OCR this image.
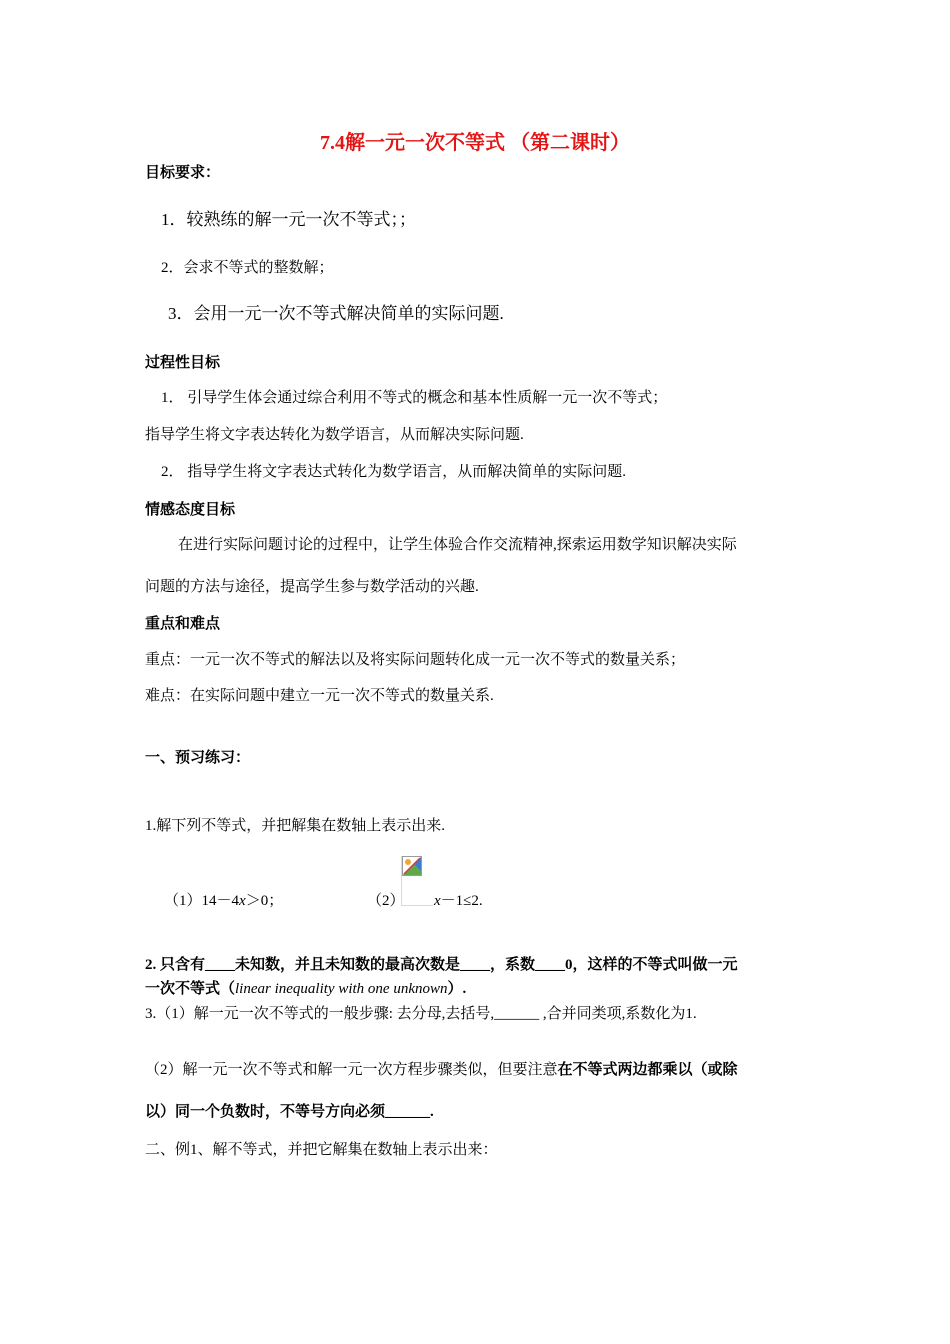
7.4解一元一次不等式 （第二课时）
目标要求：
1．较熟练的解一元一次不等式；；
2．会求不等式的整数解；
3．会用一元一次不等式解决简单的实际问题.
过程性目标
1． 引导学生体会通过综合利用不等式的概念和基本性质解一元一次不等式；
指导学生将文字表达转化为数学语言，从而解决实际问题.
2． 指导学生将文字表达式转化为数学语言，从而解决简单的实际问题.
情感态度目标
在进行实际问题讨论的过程中，让学生体验合作交流精神,探索运用数学知识解决实际
问题的方法与途径，提高学生参与数学活动的兴趣.
重点和难点
重点：一元一次不等式的解法以及将实际问题转化成一元一次不等式的数量关系；
难点：在实际问题中建立一元一次不等式的数量关系.
一、预习练习：
1.解下列不等式，并把解集在数轴上表示出来.
（1）14－4x＞0；	（2） x－1≤2.
2. 只含有____未知数，并且未知数的最高次数是____，系数____0，这样的不等式叫做一元
一次不等式（linear inequality with one unknown）.
3.（1）解一元一次不等式的一般步骤: 去分母,去括号,______ ,合并同类项,系数化为1.
（2）解一元一次不等式和解一元一次方程步骤类似，但要注意在不等式两边都乘以（或除
以）同一个负数时，不等号方向必须______.
二、例1、解不等式，并把它解集在数轴上表示出来：
